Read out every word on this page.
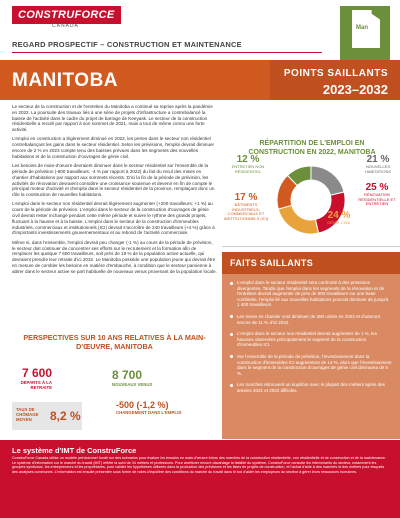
CONSTRUFORCE
CANADA
REGARD PROSPECTIF – CONSTRUCTION ET MAINTENANCE
Man
MANITOBA	POINTS SAILLANTS
2023–2032

Le secteur de la construction et de l'entretien du Manitoba a continué sa reprise après la pandémie en 2022. La poursuite des travaux liés à une série de projets d'infrastructure a contrebalancé la baisse de l'activité dans le cadre du projet de barrage de Keeyask. Le secteur de la construction résidentielle a reculé par rapport à son sommet de 2021, mais a tout de même connu une forte activité.

L'emploi en construction a légèrement diminué en 2022, les pertes dans le secteur non résidentiel contrebalançant les gains dans le secteur résidentiel. Selon les prévisions, l'emploi devrait diminuer encore de 2 % en 2023 compte tenu des baisses prévues dans les segments des nouvelles habitations et de la construction d'ouvrages de génie civil.

Les besoins de main-d'œuvre devraient diminuer dans le secteur résidentiel sur l'ensemble de la période de prévision (-600 travailleurs; -4 % par rapport à 2022) du fait du recul des mises en chantier d'habitations par rapport aux sommets récents. D'ici la fin de la période de prévision, les activités de rénovation devraient connaître une croissance soutenue et devenir en fin de compte le principal moteur d'activité et d'emploi dans le secteur résidentiel de la province, remplaçant donc un rôle la construction de nouvelles habitations.

L'emploi dans le secteur non résidentiel devrait légèrement augmenter (+200 travailleurs; +1 %) au cours de la période de prévision. L'emploi dans le secteur de la construction d'ouvrages de génie civil devrait rester inchangé pendant cette même période et suivre le rythme des grands projets, fluctuant à la hausse et à la baisse. L'emploi dans le secteur de la construction d'immeubles industriels, commerciaux et institutionnels (ICI) devrait s'accroître de 240 travailleurs (+4 %) grâce à d'importants investissements gouvernementaux et au rebond de l'activité commerciale.

Même si, dans l'ensemble, l'emploi devrait peu changer (-1 %) au cours de la période de prévision, le secteur doit continuer de concentrer ses efforts sur le recrutement et la formation afin de remplacer les quelque 7 600 travailleurs, soit près de 19 % de la population active actuelle, qui devraient prendre leur retraite d'ici 2032. Le Manitoba possède une population jeune qui devrait être en mesure de combler les besoins en matière d'embauche, à condition que le secteur parvienne à attirer dans le secteur active se part habituelle de nouveaux venus provenant de la population locale.

RÉPARTITION DE L'EMPLOI EN CONSTRUCTION EN 2022, MANITOBA
17 %
BÂTIMENTS INDUSTRIELS, COMMERCIAUX ET INSTITUTIONNELS (ICI)
12 %
ENTRETIEN NON RÉSIDENTIEL
21 %
NOUVELLES HABITATIONS
25 %
RÉNOVATION RÉSIDENTIELLE ET ENTRETIEN
24 %
GÉNIE CIVIL
FAITS SAILLANTS
L'emploi dans le secteur résidentiel sera confronté à des pressions divergentes. Tandis que l'emploi dans les segments de la rénovation et de l'entretien devrait augmenter de près de 800 travailleurs sur une base combinée, l'emploi lié aux nouvelles habitations pourrait diminuer de jusqu'à 1 400 travailleurs.
Les mises en chantier vont diminuer de 300 unités en 2022 et chuteront encore de 11 % d'ici 2032.
L'emploi dans le secteur non résidentiel devrait augmenter de 1 %, les hausses observées principalement le segment de la construction d'immeubles ICI.
Sur l'ensemble de la période de prévision, l'investissement dans la construction d'immeubles ICI augmentera de 14 %, alors que l'investissement dans le segment de la construction d'ouvrages de génie civil diminuera de 5 %.
Les marchés retrouvent un équilibre avec le plupart des métiers après des années 2021 et 2022 difficiles.
PERSPECTIVES SUR 10 ANS RELATIVES À LA MAIN-D'ŒUVRE, MANITOBA
7 600
DÉPARTS À LA RETRAITE
8 700
NOUVEAUX VENUS
TAUX DE CHÔMAGE MOYEN	8,2 %
-500 (-1,2 %)
CHANGEMENT DANS L'EMPLOI
Le système d'IMT de ConstruForce
ConstruForce Canada utilise un modèle prévisionnel fondé sur des scénarios pour évaluer les besoins en main-d'œuvre futurs des marchés de la construction résidentielle, non résidentielle et de construction et de la maintenance. Le système d'information sur le marché du travail (IMT) reflète la suivi de 34 métiers et professions. Pour améliorer encore davantage la fiabilité du système, ConstruForce consulte les intervenants du secteur, notamment les groupes syndicaux, les entrepreneurs et les propriétaires, pour valider les hypothèses utilisées dans la production des prévisions et les listes de projets de construction, et l'achat d'aide à des marchés et des métiers pour lesquels des analyses communes. L'information est ensuite présentée sous forme de notes d'équilibre des conditions du marché du travail dans le but d'aider les employeurs du secteur à gérer leurs ressources humaines.
